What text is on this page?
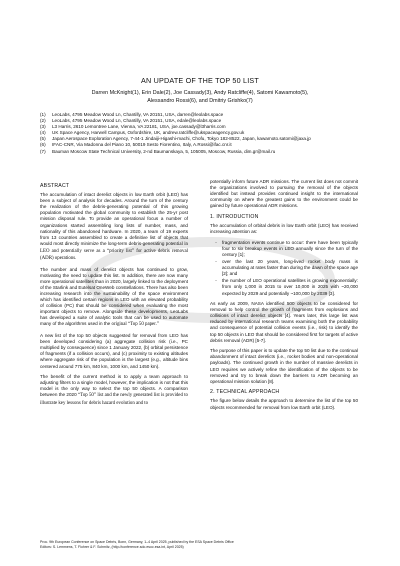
AN UPDATE OF THE TOP 50 LIST
Darren McKnight(1), Erin Dale(2), Joe Cassady(3), Andy Ratcliffe(4), Satomi Kawamoto(5),
Alessandro Rossi(6), and Dmitriy Grishko(7)
(1)	LeoLabs, 4795 Meadow Wood Ln, Chantilly, VA 20151, USA, darren@leolabs.space
(2)	LeoLabs, 4795 Meadow Wood Ln, Chantilly, VA 20151, USA, edale@leolabs.space
(3)	L3 Harris, 2610 Lemontree Lane, Vienna, VA 22181, USA, joe.cassady@l3harris.com
(4)	UK Space Agency, Harwell Campus, Oxfordshire, UK, andrew.ratcliffe@ukspaceagency.gov.uk
(5)	Japan Aerospace Exploration Agency, 7-44-1 Jindaiji-Higashi-machi, Chofu, Tokyo 182-8522, Japan, kawamoto.satomi@jaxa.jp
(6)	IFAC-CNR, Via Madonna del Piano 10, 50019 Sesto Fiorentino, Italy, A.Rossi@ifac.cnr.it
(7)	Bauman Moscow State Technical University, 2-nd Baumanskaya, 5, 105005, Moscow, Russia, dim.gr@mail.ru
ABSTRACT
The accumulation of intact derelict objects in low Earth orbit (LEO) has been a subject of analysis for decades. Around the turn of the century the realization of the debris-generating potential of this growing population motivated the global community to establish the 25-yr post mission disposal rule. To provide an operational focus a number of organizations started assembling long lists of number, mass, and nationality of this abandoned hardware. In 2020, a team of 19 experts from 13 countries assembled to create a definitive list of objects that would most directly minimize the long-term debris-generating potential in LEO and potentially serve as a “priority list” for active debris removal (ADR) operations.
The number and mass of derelict objects has continued to grow, motivating the need to update this list. In addition, there are now many more operational satellites than in 2020, largely linked to the deployment of the Starlink and Eutelsat OneWeb constellations. There has also been increasing research into the sustainability of the space environment which has identified certain regions in LEO with an elevated probability of collision (PC) that should be considered when evaluating the most important objects to remove. Alongside these developments, LeoLabs has developed a suite of analytic tools that can be used to automate many of the algorithms used in the original “Top 50 paper.”
A new list of the top 50 objects suggested for removal from LEO has been developed considering (a) aggregate collision risk (i.e., PC multiplied by consequence) since 1 January 2022, (b) orbital persistence of fragments (if a collision occurs), and (c) proximity to existing altitudes where aggregate risk of the population is the largest (e.g., altitude bins centered around 775 km, 840 km, 1000 km, and 1450 km).
The benefit of the current method is to apply a team approach to adjusting filters to a single model, however, the implication is not that this model is the only way to select the top 50 objects. A comparison between the 2020 “Top 50” list and the newly generated list is provided to illustrate key lessons for debris hazard evolution and to
potentially inform future ADR missions. The current list does not commit the organizations involved to pursuing the removal of the objects identified but instead provides continued insight to the international community on where the greatest gains to the environment could be gained by future operational ADR missions.
1. INTRODUCTION
The accumulation of orbital debris in low Earth orbit (LEO) has received increasing attention as:
-	fragmentation events continue to occur: there have been typically four to six breakup events in LEO annually since the turn of the century [1];
-	over the last 20 years, long-lived rocket body mass is accumulating at rates faster than during the dawn of the space age [2]; and
-	the number of LEO operational satellites is growing exponentially: from only 1,000 in 2015 to over 10,000 in 2025 with ~20,000 expected by 2029 and potentially ~100,000 by 2039 [3].
As early as 2009, NASA identified 500 objects to be considered for removal to help control the growth of fragments from explosions and collisions of intact derelict objects [4]. Years later, this large list was reduced by international research teams examining both the probability and consequence of potential collision events (i.e., risk) to identify the top 50 objects in LEO that should be considered first for targets of active debris removal (ADR) [5-7].
The purpose of this paper is to update the top 50 list due to the continual abandonment of intact derelicts (i.e., rocket bodies and non-operational payloads). The continued growth in the number of massive derelicts in LEO requires we actively refine the identification of the objects to be removed and try to break down the barriers to ADR becoming an operational mission solution [8].
2. TECHNICAL APPROACH
The figure below details the approach to determine the list of the top 50 objects recommended for removal from low Earth orbit (LEO).
Proc. 9th European Conference on Space Debris, Bonn, Germany, 1–4 April 2025, published by the ESA Space Debris Office
Editors: S. Lemmens, T. Flohrer & F. Schmitz, (http://conference.sdo.esoc.esa.int, April 2025)
